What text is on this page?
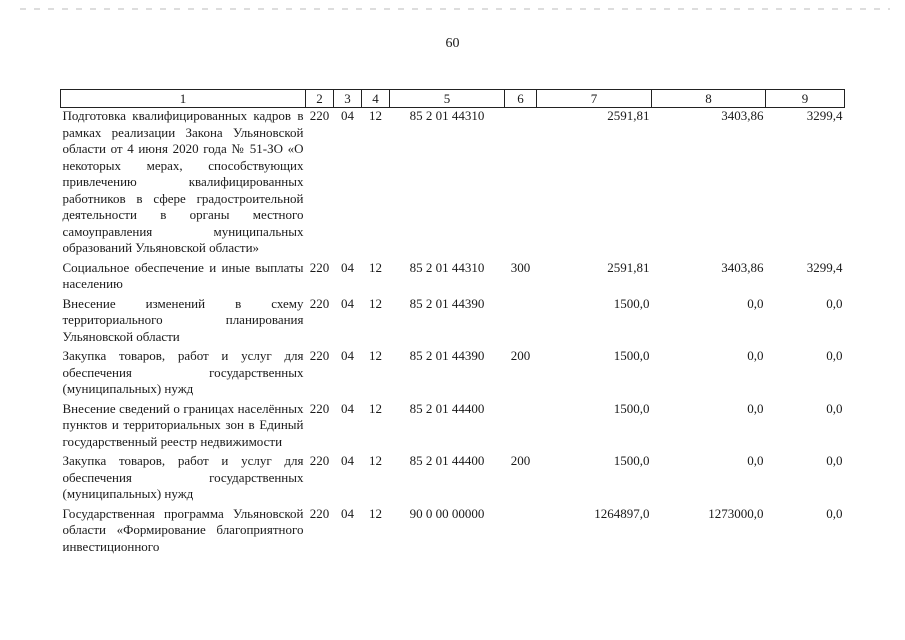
60
1	2	3	4	5	6	7	8	9
Подготовка квалифицированных кадров в рамках реализации Закона Ульяновской области от 4 июня 2020 года № 51-ЗО «О некоторых мерах, способствующих привлечению квалифицированных работников в сфере градостроительной деятельности в органы местного самоуправления муниципальных образований Ульяновской области»	220	04	12	85 2 01 44310		2591,81	3403,86	3299,4
Социальное обеспечение и иные выплаты населению	220	04	12	85 2 01 44310	300	2591,81	3403,86	3299,4
Внесение изменений в схему территориального планирования Ульяновской области	220	04	12	85 2 01 44390		1500,0	0,0	0,0
Закупка товаров, работ и услуг для обеспечения государственных (муниципальных) нужд	220	04	12	85 2 01 44390	200	1500,0	0,0	0,0
Внесение сведений о границах населённых пунктов и территориальных зон в Единый государственный реестр недвижимости	220	04	12	85 2 01 44400		1500,0	0,0	0,0
Закупка товаров, работ и услуг для обеспечения государственных (муниципальных) нужд	220	04	12	85 2 01 44400	200	1500,0	0,0	0,0
Государственная программа Ульяновской области «Формирование благоприятного инвестиционного	220	04	12	90 0 00 00000		1264897,0	1273000,0	0,0
